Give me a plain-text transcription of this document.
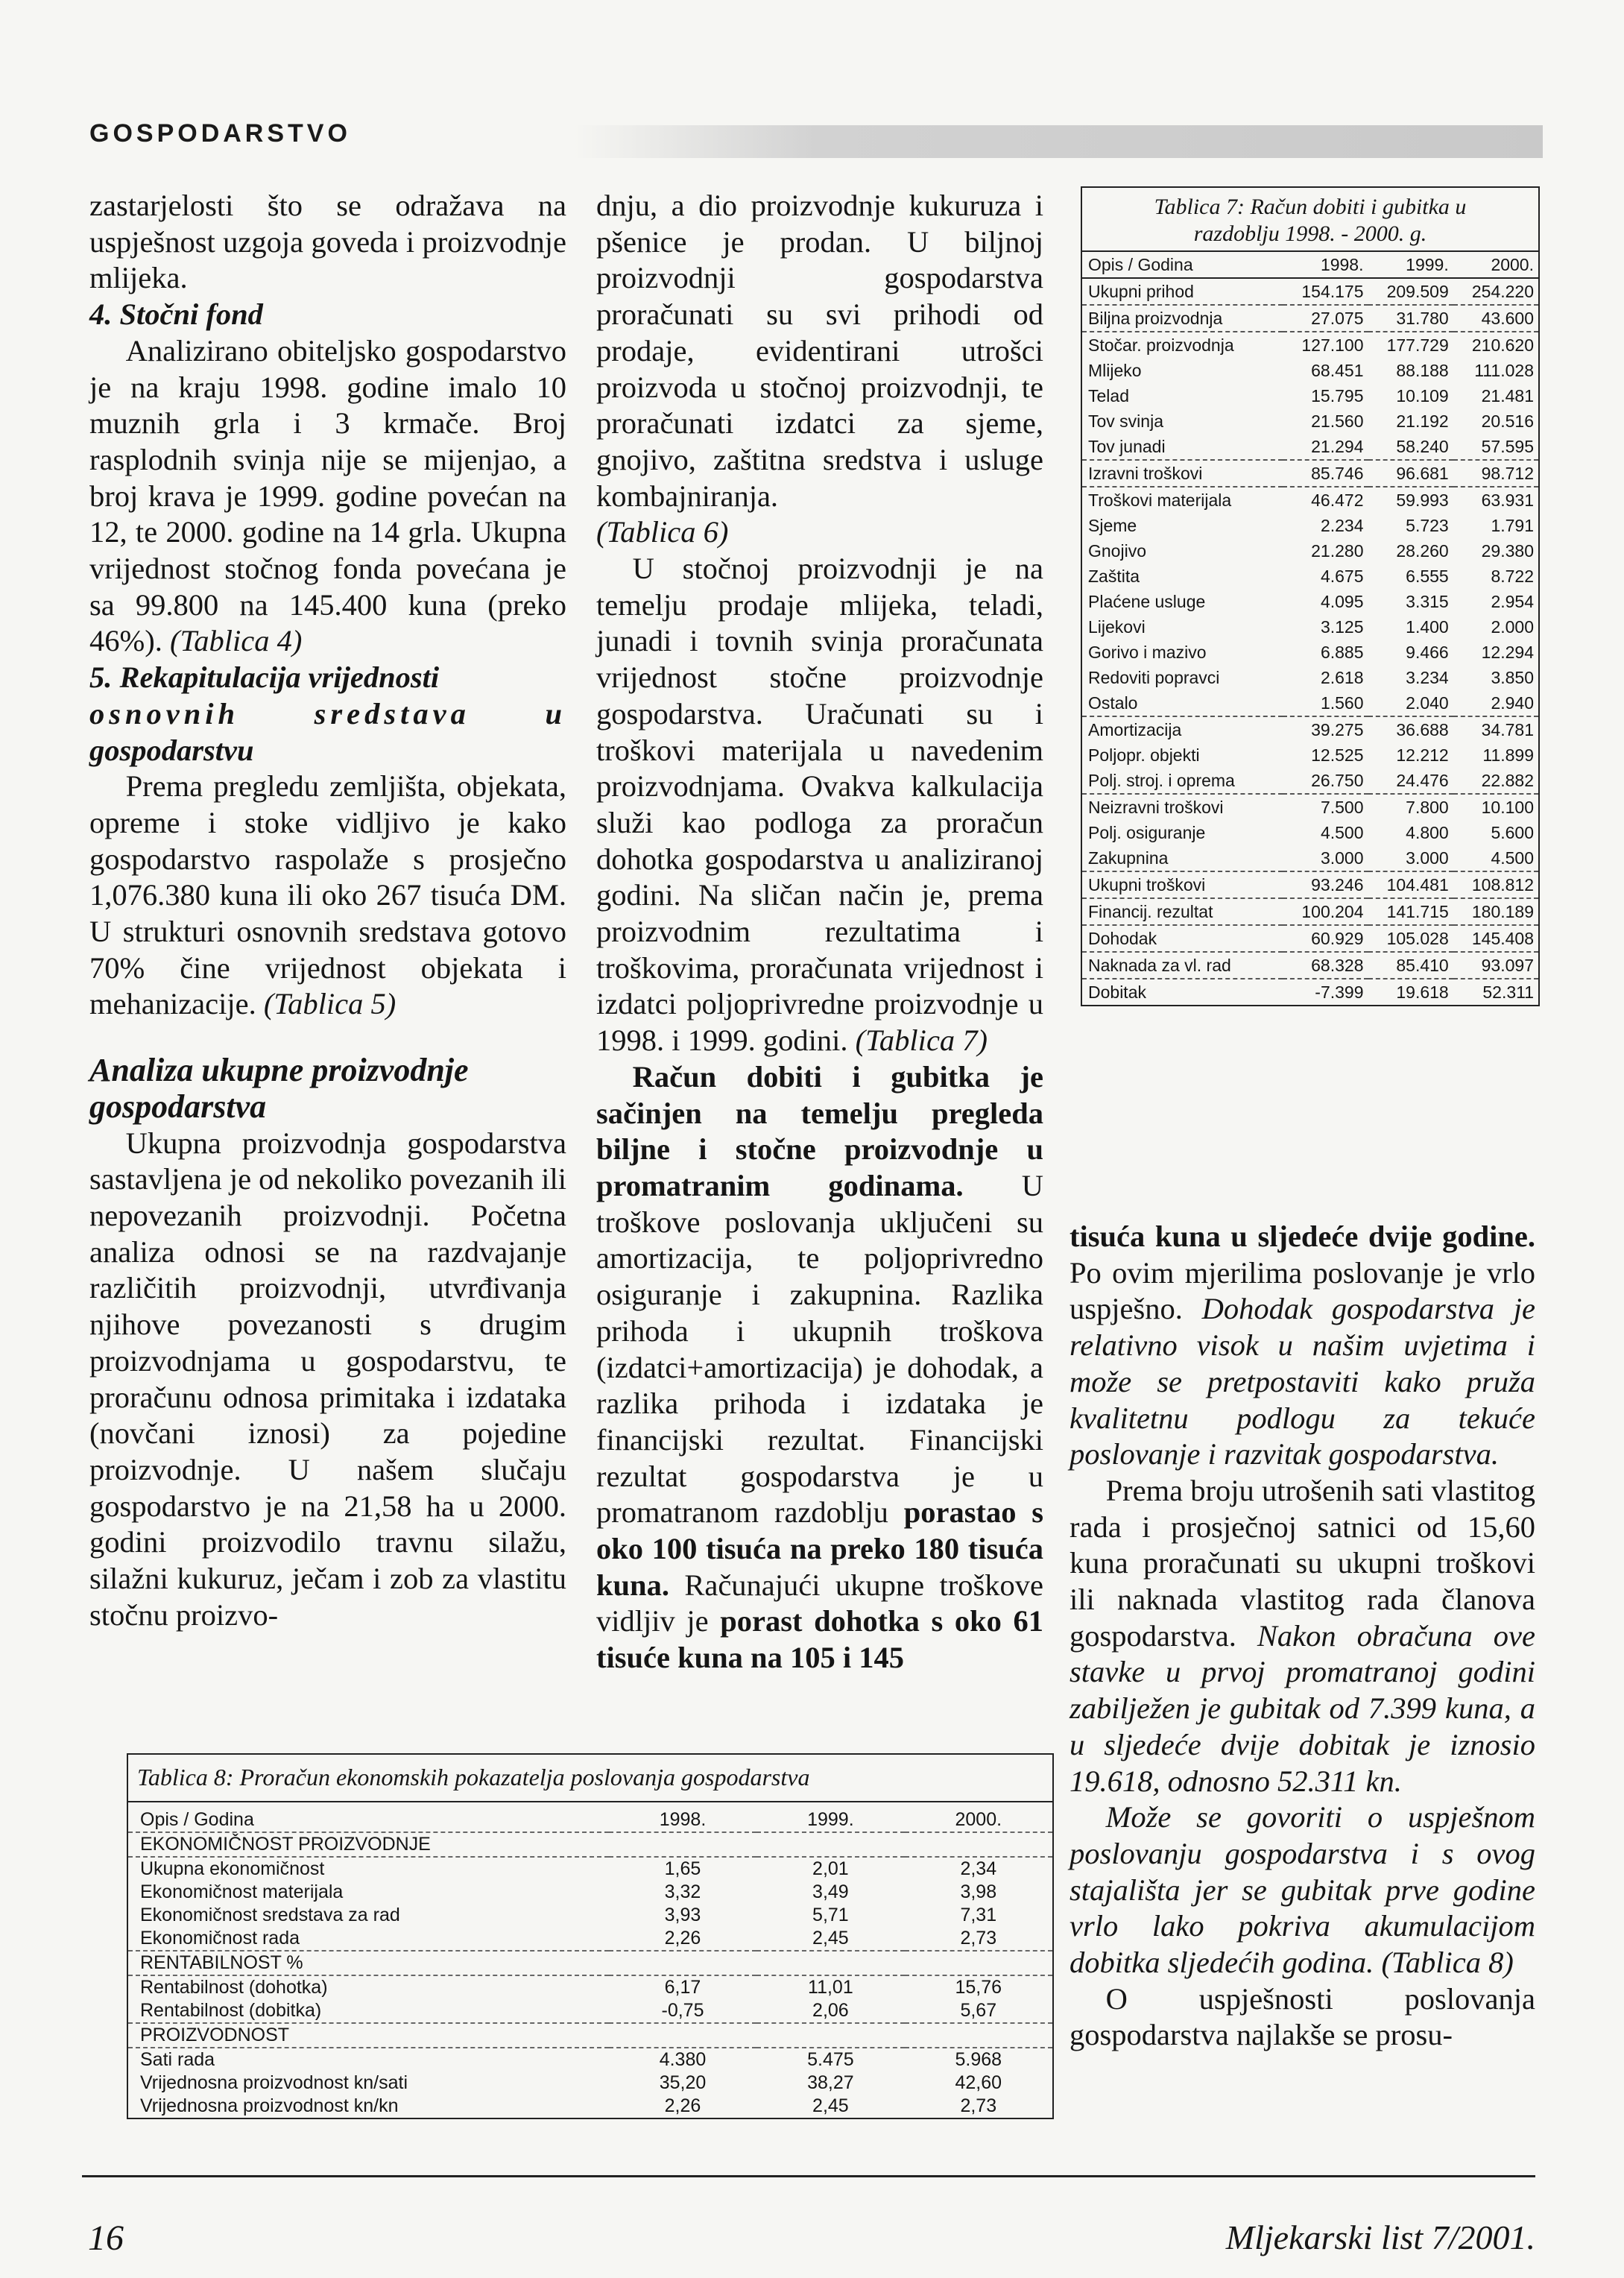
GOSPODARSTVO

zastarjelosti što se odražava na uspješnost uzgoja goveda i proizvodnje mlijeka.

4. Stočni fond

Analizirano obiteljsko gospodarstvo je na kraju 1998. godine imalo 10 muznih grla i 3 krmače. Broj rasplodnih svinja nije se mijenjao, a broj krava je 1999. godine povećan na 12, te 2000. godine na 14 grla. Ukupna vrijednost stočnog fonda povećana je sa 99.800 na 145.400 kuna (preko 46%). (Tablica 4)

5. Rekapitulacija vrijednosti

osnovnih sredstava u

gospodarstvu

Prema pregledu zemljišta, objekata, opreme i stoke vidljivo je kako gospodarstvo raspolaže s prosječno 1,076.380 kuna ili oko 267 tisuća DM. U strukturi osnovnih sredstava gotovo 70% čine vrijednost objekata i mehanizacije. (Tablica 5)

Analiza ukupne proizvodnje gospodarstva

Ukupna proizvodnja gospodarstva sastavljena je od nekoliko povezanih ili nepovezanih proizvodnji. Početna analiza odnosi se na razdvajanje različitih proizvodnji, utvrđivanja njihove povezanosti s drugim proizvodnjama u gospodarstvu, te proračunu odnosa primitaka i izdataka (novčani iznosi) za pojedine proizvodnje. U našem slučaju gospodarstvo je na 21,58 ha u 2000. godini proizvodilo travnu silažu, silažni kukuruz, ječam i zob za vlastitu stočnu proizvo-

dnju, a dio proizvodnje kukuruza i pšenice je prodan. U biljnoj proizvodnji gospodarstva proračunati su svi prihodi od prodaje, evidentirani utrošci proizvoda u stočnoj proizvodnji, te proračunati izdatci za sjeme, gnojivo, zaštitna sredstva i usluge kombajniranja.

(Tablica 6)

U stočnoj proizvodnji je na temelju prodaje mlijeka, teladi, junadi i tovnih svinja proračunata vrijednost stočne proizvodnje gospodarstva. Uračunati su i troškovi materijala u navedenim proizvodnjama. Ovakva kalkulacija služi kao podloga za proračun dohotka gospodarstva u analiziranoj godini. Na sličan način je, prema proizvodnim rezultatima i troškovima, proračunata vrijednost i izdatci poljoprivredne proizvodnje u 1998. i 1999. godini. (Tablica 7)

Račun dobiti i gubitka je sačinjen na temelju pregleda biljne i stočne proizvodnje u promatranim godinama. U troškove poslovanja uključeni su amortizacija, te poljoprivredno osiguranje i zakupnina. Razlika prihoda i ukupnih troškova (izdatci+amortizacija) je dohodak, a razlika prihoda i izdataka je financijski rezultat. Financijski rezultat gospodarstva je u promatranom razdoblju porastao s oko 100 tisuća na preko 180 tisuća kuna. Računajući ukupne troškove vidljiv je porast dohotka s oko 61 tisuće kuna na 105 i 145

Tablica 7: Račun dobiti i gubitka u
razdoblju 1998. - 2000. g.
Opis / Godina	1998.	1999.	2000.
Ukupni prihod	154.175	209.509	254.220
Biljna proizvodnja	27.075	31.780	43.600
Stočar. proizvodnja	127.100	177.729	210.620
Mlijeko	68.451	88.188	111.028
Telad	15.795	10.109	21.481
Tov svinja	21.560	21.192	20.516
Tov junadi	21.294	58.240	57.595
Izravni troškovi	85.746	96.681	98.712
Troškovi materijala	46.472	59.993	63.931
Sjeme	2.234	5.723	1.791
Gnojivo	21.280	28.260	29.380
Zaštita	4.675	6.555	8.722
Plaćene usluge	4.095	3.315	2.954
Lijekovi	3.125	1.400	2.000
Gorivo i mazivo	6.885	9.466	12.294
Redoviti popravci	2.618	3.234	3.850
Ostalo	1.560	2.040	2.940
Amortizacija	39.275	36.688	34.781
Poljopr. objekti	12.525	12.212	11.899
Polj. stroj. i oprema	26.750	24.476	22.882
Neizravni troškovi	7.500	7.800	10.100
Polj. osiguranje	4.500	4.800	5.600
Zakupnina	3.000	3.000	4.500
Ukupni troškovi	93.246	104.481	108.812
Financij. rezultat	100.204	141.715	180.189
Dohodak	60.929	105.028	145.408
Naknada za vl. rad	68.328	85.410	93.097
Dobitak	-7.399	19.618	52.311

tisuća kuna u sljedeće dvije godine. Po ovim mjerilima poslovanje je vrlo uspješno. Dohodak gospodarstva je relativno visok u našim uvjetima i može se pretpostaviti kako pruža kvalitetnu podlogu za tekuće poslovanje i razvitak gospodarstva.

Prema broju utrošenih sati vlastitog rada i prosječnoj satnici od 15,60 kuna proračunati su ukupni troškovi ili naknada vlastitog rada članova gospodarstva. Nakon obračuna ove stavke u prvoj promatranoj godini zabilježen je gubitak od 7.399 kuna, a u sljedeće dvije dobitak je iznosio 19.618, odnosno 52.311 kn.

Može se govoriti o uspješnom poslovanju gospodarstva i s ovog stajališta jer se gubitak prve godine vrlo lako pokriva akumulacijom dobitka sljedećih godina. (Tablica 8)

O uspješnosti poslovanja gospodarstva najlakše se prosu-

Tablica 8: Proračun ekonomskih pokazatelja poslovanja gospodarstva
Opis / Godina	1998.	1999.	2000.
EKONOMIČNOST PROIZVODNJE			
Ukupna ekonomičnost	1,65	2,01	2,34
Ekonomičnost materijala	3,32	3,49	3,98
Ekonomičnost sredstava za rad	3,93	5,71	7,31
Ekonomičnost rada	2,26	2,45	2,73
RENTABILNOST %			
Rentabilnost (dohotka)	6,17	11,01	15,76
Rentabilnost (dobitka)	-0,75	2,06	5,67
PROIZVODNOST			
Sati rada	4.380	5.475	5.968
Vrijednosna proizvodnost kn/sati	35,20	38,27	42,60
Vrijednosna proizvodnost kn/kn	2,26	2,45	2,73
16	Mljekarski list 7/2001.
